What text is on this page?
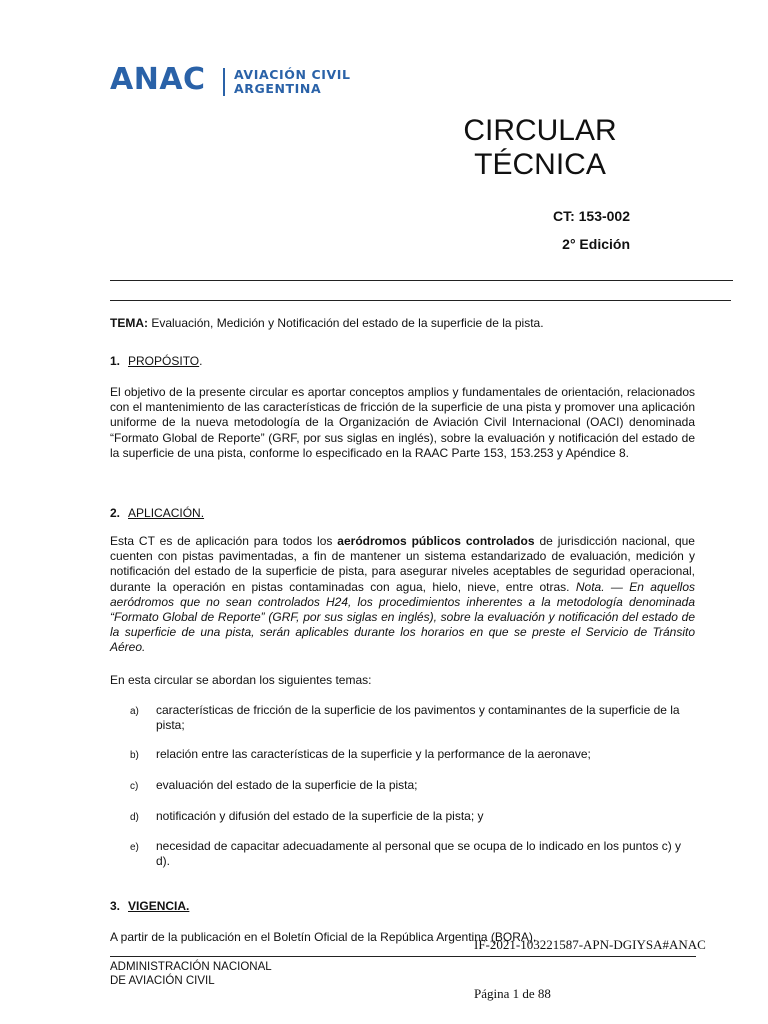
ANAC AVIACIÓN CIVIL
ARGENTINA
CIRCULAR
TÉCNICA
CT: 153-002
2° Edición
TEMA: Evaluación, Medición y Notificación del estado de la superficie de la pista.
1. PROPÓSITO.
El objetivo de la presente circular es aportar conceptos amplios y fundamentales de orientación, relacionados con el mantenimiento de las características de fricción de la superficie de una pista y promover una aplicación uniforme de la nueva metodología de la Organización de Aviación Civil Internacional (OACI) denominada “Formato Global de Reporte” (GRF, por sus siglas en inglés), sobre la evaluación y notificación del estado de la superficie de una pista, conforme lo especificado en la RAAC Parte 153, 153.253 y Apéndice 8.
2. APLICACIÓN.
Esta CT es de aplicación para todos los aeródromos públicos controlados de jurisdicción nacional, que cuenten con pistas pavimentadas, a fin de mantener un sistema estandarizado de evaluación, medición y notificación del estado de la superficie de pista, para asegurar niveles aceptables de seguridad operacional, durante la operación en pistas contaminadas con agua, hielo, nieve, entre otras. Nota. — En aquellos aeródromos que no sean controlados H24, los procedimientos inherentes a la metodología denominada “Formato Global de Reporte” (GRF, por sus siglas en inglés), sobre la evaluación y notificación del estado de la superficie de una pista, serán aplicables durante los horarios en que se preste el Servicio de Tránsito Aéreo.
En esta circular se abordan los siguientes temas:
a) características de fricción de la superficie de los pavimentos y contaminantes de la superficie de la pista;
b) relación entre las características de la superficie y la performance de la aeronave;
c) evaluación del estado de la superficie de la pista;
d) notificación y difusión del estado de la superficie de la pista; y
e) necesidad de capacitar adecuadamente al personal que se ocupa de lo indicado en los puntos c) y d).
3. VIGENCIA.
A partir de la publicación en el Boletín Oficial de la República Argentina (BORA).
IF-2021-103221587-APN-DGIYSA#ANAC
ADMINISTRACIÓN NACIONAL
DE AVIACIÓN CIVIL
Página 1 de 88
